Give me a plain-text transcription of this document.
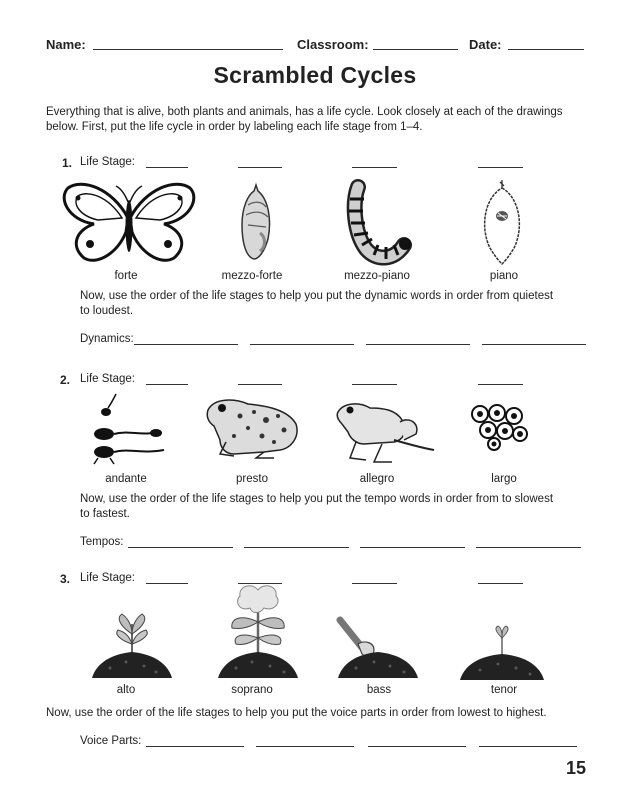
Name:	Classroom:	Date:
Scrambled Cycles
Everything that is alive, both plants and animals, has a life cycle. Look closely at each of the drawings below. First, put the life cycle in order by labeling each life stage from 1–4.
1. Life Stage:
forte	mezzo-forte	mezzo-piano	piano
Now, use the order of the life stages to help you put the dynamic words in order from quietest to loudest.
Dynamics:
2. Life Stage:
andante	presto	allegro	largo
Now, use the order of the life stages to help you put the tempo words in order from to slowest to fastest.
Tempos:
3. Life Stage:
alto	soprano	bass	tenor
Now, use the order of the life stages to help you put the voice parts in order from lowest to highest.
Voice Parts:
15
